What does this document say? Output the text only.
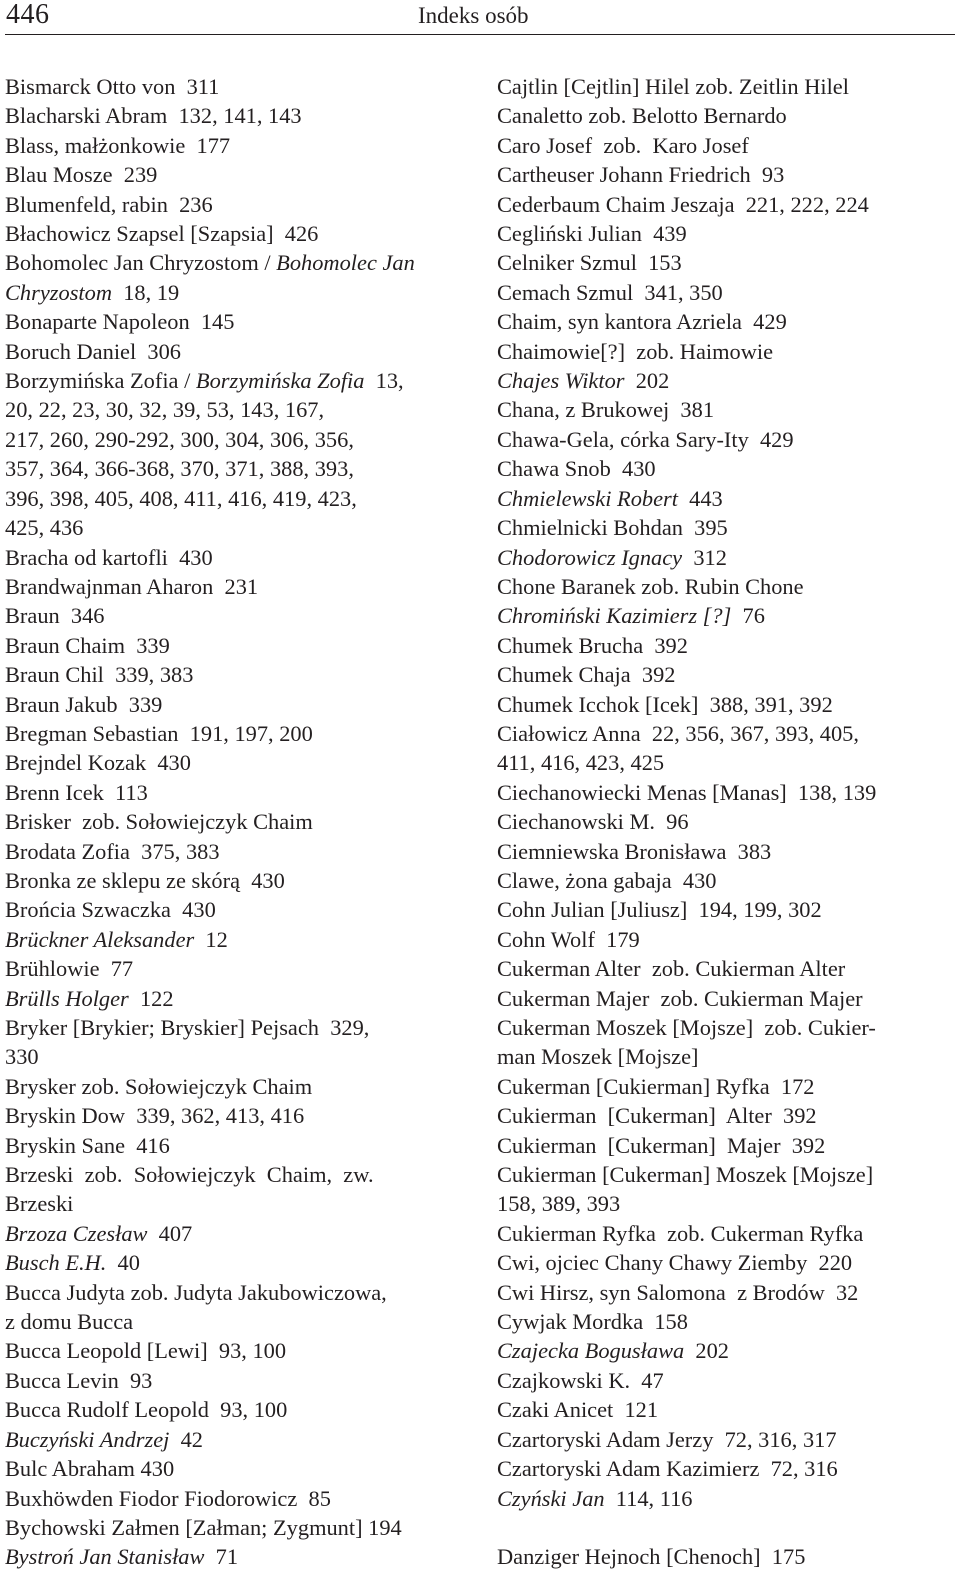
446	Indeks osób
Bismarck Otto von  311
Blacharski Abram  132, 141, 143
Blass, małżonkowie  177
Blau Mosze  239
Blumenfeld, rabin  236
Błachowicz Szapsel [Szapsia]  426
Bohomolec Jan Chryzostom / Bohomolec Jan
Chryzostom  18, 19
Bonaparte Napoleon  145
Boruch Daniel  306
Borzymińska Zofia / Borzymińska Zofia  13,
20, 22, 23, 30, 32, 39, 53, 143, 167,
217, 260, 290-292, 300, 304, 306, 356,
357, 364, 366-368, 370, 371, 388, 393,
396, 398, 405, 408, 411, 416, 419, 423,
425, 436
Bracha od kartofli  430
Brandwajnman Aharon  231
Braun  346
Braun Chaim  339
Braun Chil  339, 383
Braun Jakub  339
Bregman Sebastian  191, 197, 200
Brejndel Kozak  430
Brenn Icek  113
Brisker  zob. Sołowiejczyk Chaim
Brodata Zofia  375, 383
Bronka ze sklepu ze skórą  430
Brońcia Szwaczka  430
Brückner Aleksander  12
Brühlowie  77
Brülls Holger  122
Bryker [Brykier; Bryskier] Pejsach  329,
330
Brysker zob. Sołowiejczyk Chaim
Bryskin Dow  339, 362, 413, 416
Bryskin Sane  416
Brzeski  zob.  Sołowiejczyk  Chaim,  zw.
Brzeski
Brzoza Czesław  407
Busch E.H.  40
Bucca Judyta zob. Judyta Jakubowiczowa,
z domu Bucca
Bucca Leopold [Lewi]  93, 100
Bucca Levin  93
Bucca Rudolf Leopold  93, 100
Buczyński Andrzej  42
Bulc Abraham 430
Buxhöwden Fiodor Fiodorowicz  85
Bychowski Załmen [Załman; Zygmunt] 194
Bystroń Jan Stanisław  71
Cajtlin [Cejtlin] Hilel zob. Zeitlin Hilel
Canaletto zob. Belotto Bernardo
Caro Josef  zob.  Karo Josef
Cartheuser Johann Friedrich  93
Cederbaum Chaim Jeszaja  221, 222, 224
Cegliński Julian  439
Celniker Szmul  153
Cemach Szmul  341, 350
Chaim, syn kantora Azriela  429
Chaimowie[?]  zob. Haimowie
Chajes Wiktor  202
Chana, z Brukowej  381
Chawa-Gela, córka Sary-Ity  429
Chawa Snob  430
Chmielewski Robert  443
Chmielnicki Bohdan  395
Chodorowicz Ignacy  312
Chone Baranek zob. Rubin Chone
Chromiński Kazimierz [?]  76
Chumek Brucha  392
Chumek Chaja  392
Chumek Icchok [Icek]  388, 391, 392
Ciałowicz Anna  22, 356, 367, 393, 405,
411, 416, 423, 425
Ciechanowiecki Menas [Manas]  138, 139
Ciechanowski M.  96
Ciemniewska Bronisława  383
Clawe, żona gabaja  430
Cohn Julian [Juliusz]  194, 199, 302
Cohn Wolf  179
Cukerman Alter  zob. Cukierman Alter
Cukerman Majer  zob. Cukierman Majer
Cukerman Moszek [Mojsze]  zob. Cukier-
man Moszek [Mojsze]
Cukerman [Cukierman] Ryfka  172
Cukierman  [Cukerman]  Alter  392
Cukierman  [Cukerman]  Majer  392
Cukierman [Cukerman] Moszek [Mojsze]
158, 389, 393
Cukierman Ryfka  zob. Cukerman Ryfka
Cwi, ojciec Chany Chawy Ziemby  220
Cwi Hirsz, syn Salomona  z Brodów  32
Cywjak Mordka  158
Czajecka Bogusława  202
Czajkowski K.  47
Czaki Anicet  121
Czartoryski Adam Jerzy  72, 316, 317
Czartoryski Adam Kazimierz  72, 316
Czyński Jan  114, 116
Danziger Hejnoch [Chenoch]  175
